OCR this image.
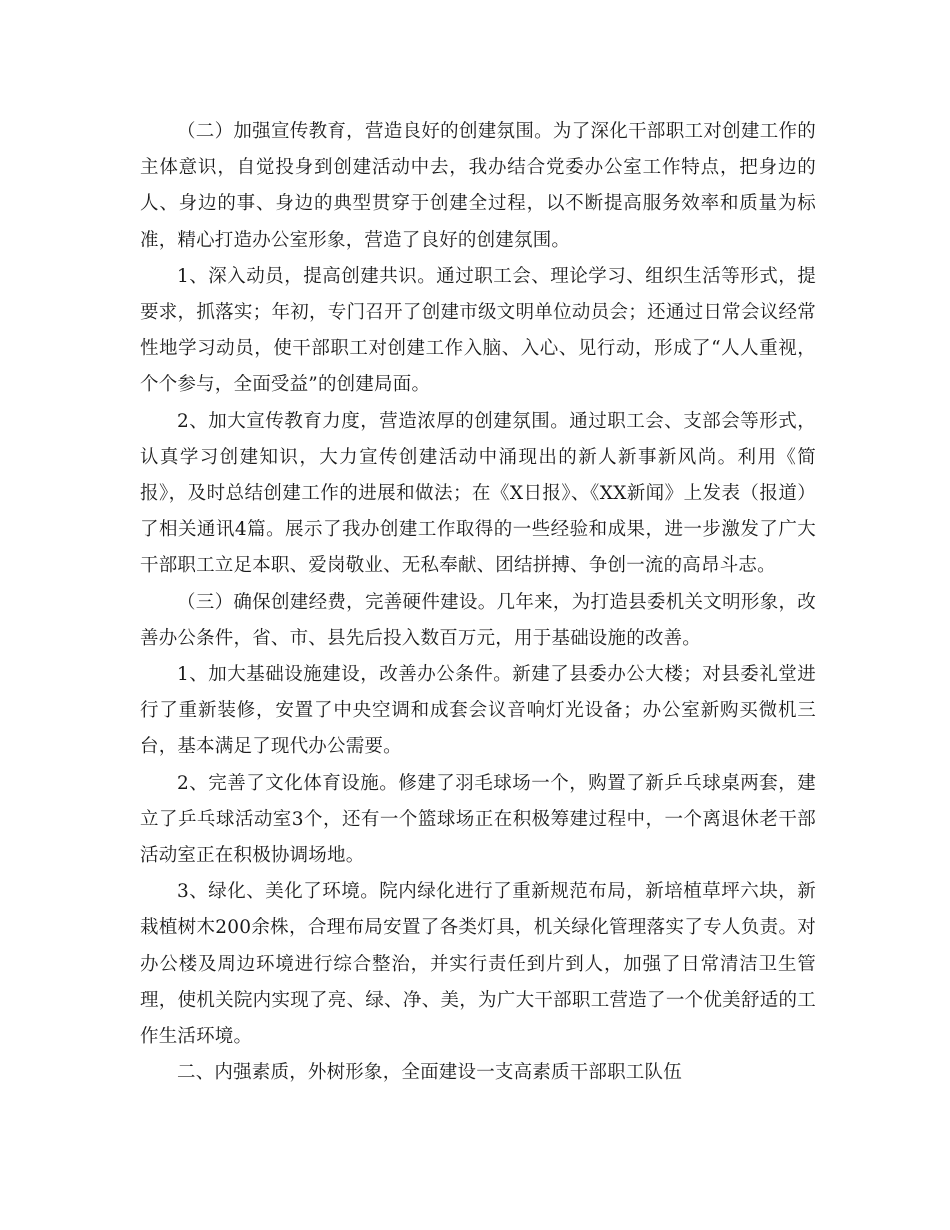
（二）加强宣传教育，营造良好的创建氛围。为了深化干部职工对创建工作的主体意识，自觉投身到创建活动中去，我办结合党委办公室工作特点，把身边的人、身边的事、身边的典型贯穿于创建全过程，以不断提高服务效率和质量为标准，精心打造办公室形象，营造了良好的创建氛围。

1、深入动员，提高创建共识。通过职工会、理论学习、组织生活等形式，提要求，抓落实；年初，专门召开了创建市级文明单位动员会；还通过日常会议经常性地学习动员，使干部职工对创建工作入脑、入心、见行动，形成了“人人重视，个个参与，全面受益”的创建局面。

2、加大宣传教育力度，营造浓厚的创建氛围。通过职工会、支部会等形式，认真学习创建知识，大力宣传创建活动中涌现出的新人新事新风尚。利用《简报》，及时总结创建工作的进展和做法；在《X日报》、《XX新闻》上发表（报道）了相关通讯4篇。展示了我办创建工作取得的一些经验和成果，进一步激发了广大干部职工立足本职、爱岗敬业、无私奉献、团结拼搏、争创一流的高昂斗志。

（三）确保创建经费，完善硬件建设。几年来，为打造县委机关文明形象，改善办公条件，省、市、县先后投入数百万元，用于基础设施的改善。

1、加大基础设施建设，改善办公条件。新建了县委办公大楼；对县委礼堂进行了重新装修，安置了中央空调和成套会议音响灯光设备；办公室新购买微机三台，基本满足了现代办公需要。

2、完善了文化体育设施。修建了羽毛球场一个，购置了新乒乓球桌两套，建立了乒乓球活动室3个，还有一个篮球场正在积极筹建过程中，一个离退休老干部活动室正在积极协调场地。

3、绿化、美化了环境。院内绿化进行了重新规范布局，新培植草坪六块，新栽植树木200余株，合理布局安置了各类灯具，机关绿化管理落实了专人负责。对办公楼及周边环境进行综合整治，并实行责任到片到人，加强了日常清洁卫生管理，使机关院内实现了亮、绿、净、美，为广大干部职工营造了一个优美舒适的工作生活环境。

二、内强素质，外树形象，全面建设一支高素质干部职工队伍
